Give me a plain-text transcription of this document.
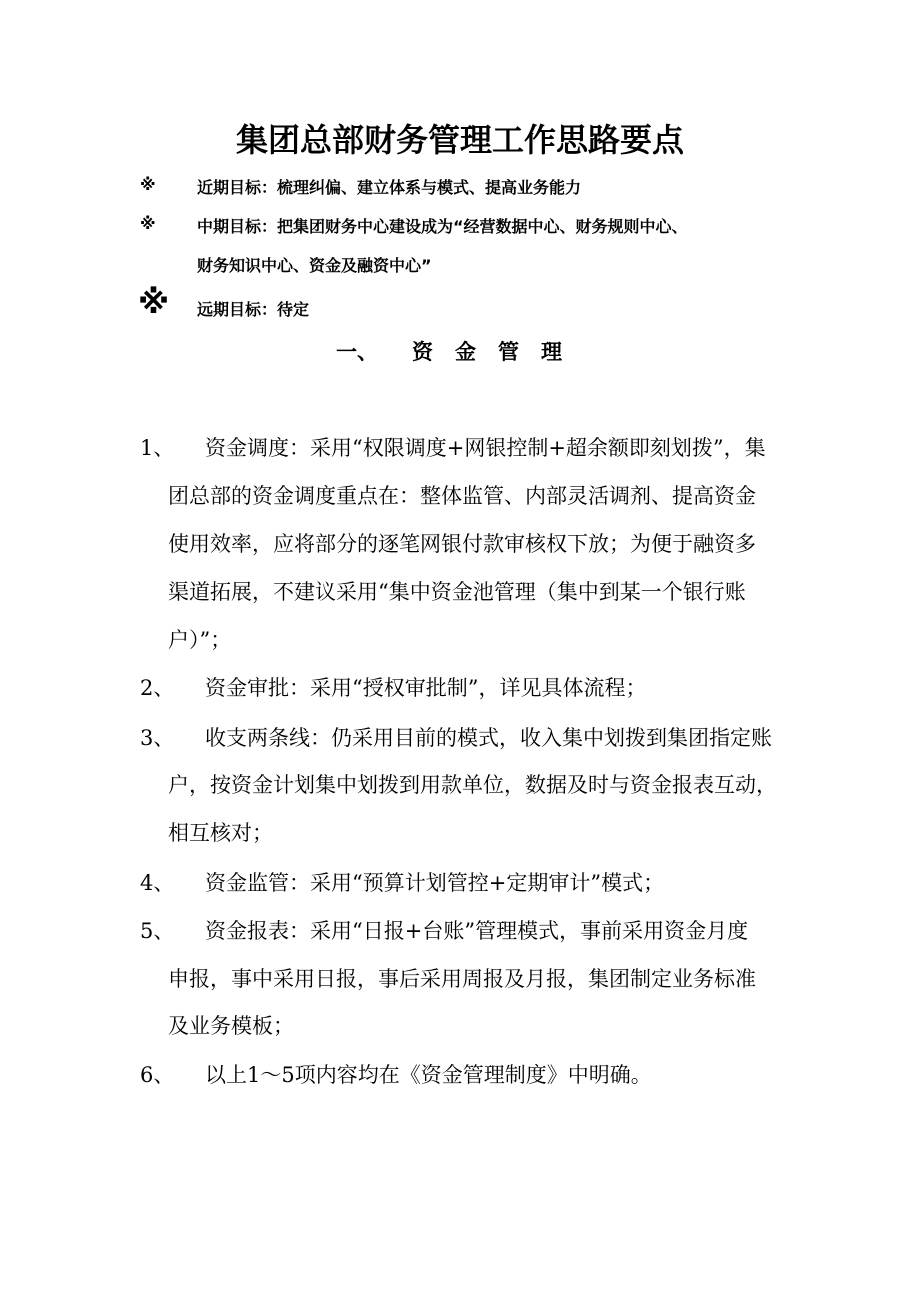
集团总部财务管理工作思路要点
※	近期目标：梳理纠偏、建立体系与模式、提高业务能力
※	中期目标：把集团财务中心建设成为“经营数据中心、财务规则中心、
财务知识中心、资金及融资中心”
※ 远期目标：待定
一、 资金管理
1、 资金调度：采用“权限调度+网银控制+超余额即刻划拨”，集
团总部的资金调度重点在：整体监管、内部灵活调剂、提高资金
使用效率，应将部分的逐笔网银付款审核权下放；为便于融资多
渠道拓展，不建议采用“集中资金池管理（集中到某一个银行账
户）”；
2、 资金审批：采用“授权审批制”，详见具体流程；
3、 收支两条线：仍采用目前的模式，收入集中划拨到集团指定账
户，按资金计划集中划拨到用款单位，数据及时与资金报表互动，
相互核对；
4、 资金监管：采用“预算计划管控+定期审计”模式；
5、 资金报表：采用“日报+台账”管理模式，事前采用资金月度
申报，事中采用日报，事后采用周报及月报，集团制定业务标准
及业务模板；
6、 以上1～5项内容均在《资金管理制度》中明确。
